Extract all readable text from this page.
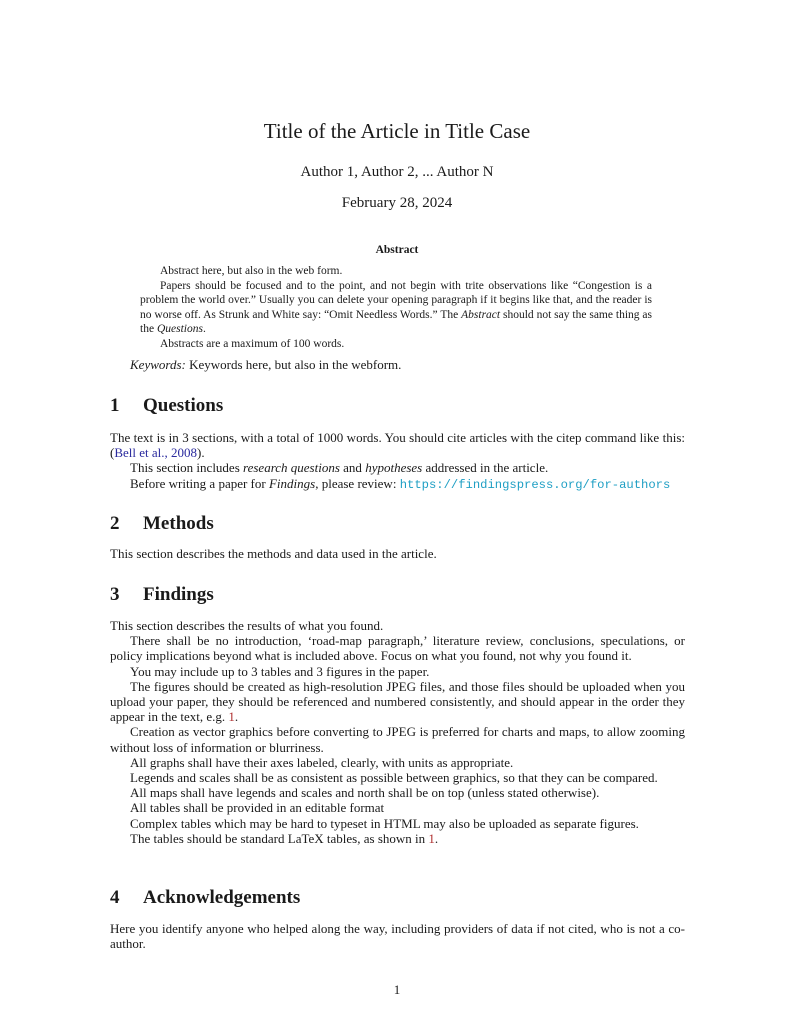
Title of the Article in Title Case
Author 1, Author 2, ... Author N
February 28, 2024
Abstract

Abstract here, but also in the web form.

Papers should be focused and to the point, and not begin with trite observations like “Congestion is a problem the world over.” Usually you can delete your opening paragraph if it begins like that, and the reader is no worse off. As Strunk and White say: “Omit Needless Words.” The Abstract should not say the same thing as the Questions.

Abstracts are a maximum of 100 words.

Keywords: Keywords here, but also in the webform.
1 Questions

The text is in 3 sections, with a total of 1000 words. You should cite articles with the citep command like this: (Bell et al., 2008).

This section includes research questions and hypotheses addressed in the article.

Before writing a paper for Findings, please review: https://findingspress.org/for-authors

2 Methods

This section describes the methods and data used in the article.

3 Findings

This section describes the results of what you found.

There shall be no introduction, ‘road-map paragraph,’ literature review, conclusions, speculations, or policy implications beyond what is included above. Focus on what you found, not why you found it.

You may include up to 3 tables and 3 figures in the paper.

The figures should be created as high-resolution JPEG files, and those files should be uploaded when you upload your paper, they should be referenced and numbered consistently, and should appear in the order they appear in the text, e.g. 1.

Creation as vector graphics before converting to JPEG is preferred for charts and maps, to allow zooming without loss of information or blurriness.

All graphs shall have their axes labeled, clearly, with units as appropriate.

Legends and scales shall be as consistent as possible between graphics, so that they can be compared.

All maps shall have legends and scales and north shall be on top (unless stated otherwise).

All tables shall be provided in an editable format

Complex tables which may be hard to typeset in HTML may also be uploaded as separate figures.

The tables should be standard LaTeX tables, as shown in 1.

4 Acknowledgements

Here you identify anyone who helped along the way, including providers of data if not cited, who is not a co-author.

1
